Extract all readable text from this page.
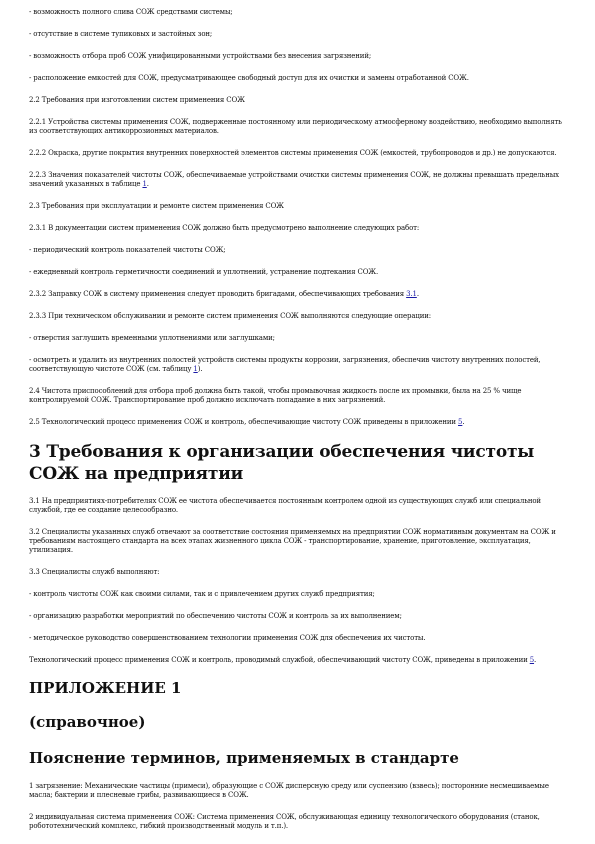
- возможность полного слива СОЖ средствами системы;

- отсутствие в системе тупиковых и застойных зон;

- возможность отбора проб СОЖ унифицированными устройствами без внесения загрязнений;

- расположение емкостей для СОЖ, предусматривающее свободный доступ для их очистки и замены отработанной СОЖ.

2.2 Требования при изготовлении систем применения СОЖ

2.2.1 Устройства системы применения СОЖ, подверженные постоянному или периодическому атмосферному воздействию, необходимо выполнять из соответствующих антикоррозионных материалов.

2.2.2 Окраска, другие покрытия внутренних поверхностей элементов системы применения СОЖ (емкостей, трубопроводов и др.) не допускаются.

2.2.3 Значения показателей чистоты СОЖ, обеспечиваемые устройствами очистки системы применения СОЖ, не должны превышать предельных значений указанных в таблице 1.

2.3 Требования при эксплуатации и ремонте систем применения СОЖ

2.3.1 В документации систем применения СОЖ должно быть предусмотрено выполнение следующих работ:

- периодический контроль показателей чистоты СОЖ;

- ежедневный контроль герметичности соединений и уплотнений, устранение подтекания СОЖ.

2.3.2 Заправку СОЖ в систему применения следует проводить бригадами, обеспечивающих требования 3.1.

2.3.3 При техническом обслуживании и ремонте систем применения СОЖ выполняются следующие операции:

- отверстия заглушить временными уплотнениями или заглушками;

- осмотреть и удалить из внутренних полостей устройств системы продукты коррозии, загрязнения, обеспечив чистоту внутренних полостей, соответствующую чистоте СОЖ (см. таблицу 1).

2.4 Чистота приспособлений для отбора проб должна быть такой, чтобы промывочная жидкость после их промывки, была на 25 % чище контролируемой СОЖ. Транспортирование проб должно исключать попадание в них загрязнений.

2.5 Технологический процесс применения СОЖ и контроль, обеспечивающие чистоту СОЖ приведены в приложении 5.

3 Требования к организации обеспечения чистоты СОЖ на предприятии

3.1 На предприятиях-потребителях СОЖ ее чистота обеспечивается постоянным контролем одной из существующих служб или специальной службой, где ее создание целесообразно.

3.2 Специалисты указанных служб отвечают за соответствие состояния применяемых на предприятии СОЖ нормативным документам на СОЖ и требованиям настоящего стандарта на всех этапах жизненного цикла СОЖ - транспортирование, хранение, приготовление, эксплуатация, утилизация.

3.3 Специалисты служб выполняют:

- контроль чистоты СОЖ как своими силами, так и с привлечением других служб предприятия;

- организацию разработки мероприятий по обеспечению чистоты СОЖ и контроль за их выполнением;

- методическое руководство совершенствованием технологии применения СОЖ для обеспечения их чистоты.

Технологический процесс применения СОЖ и контроль, проводимый службой, обеспечивающий чистоту СОЖ, приведены в приложении 5.

ПРИЛОЖЕНИЕ 1
(справочное)
Пояснение терминов, применяемых в стандарте

1 загрязнение: Механические частицы (примеси), образующие с СОЖ дисперсную среду или суспензию (взвесь); посторонние несмешиваемые масла; бактерии и плесневые грибы, развивающиеся в СОЖ.

2 индивидуальная система применения СОЖ: Система применения СОЖ, обслуживающая единицу технологического оборудования (станок, робототехнический комплекс, гибкий производственный модуль и т.п.).
